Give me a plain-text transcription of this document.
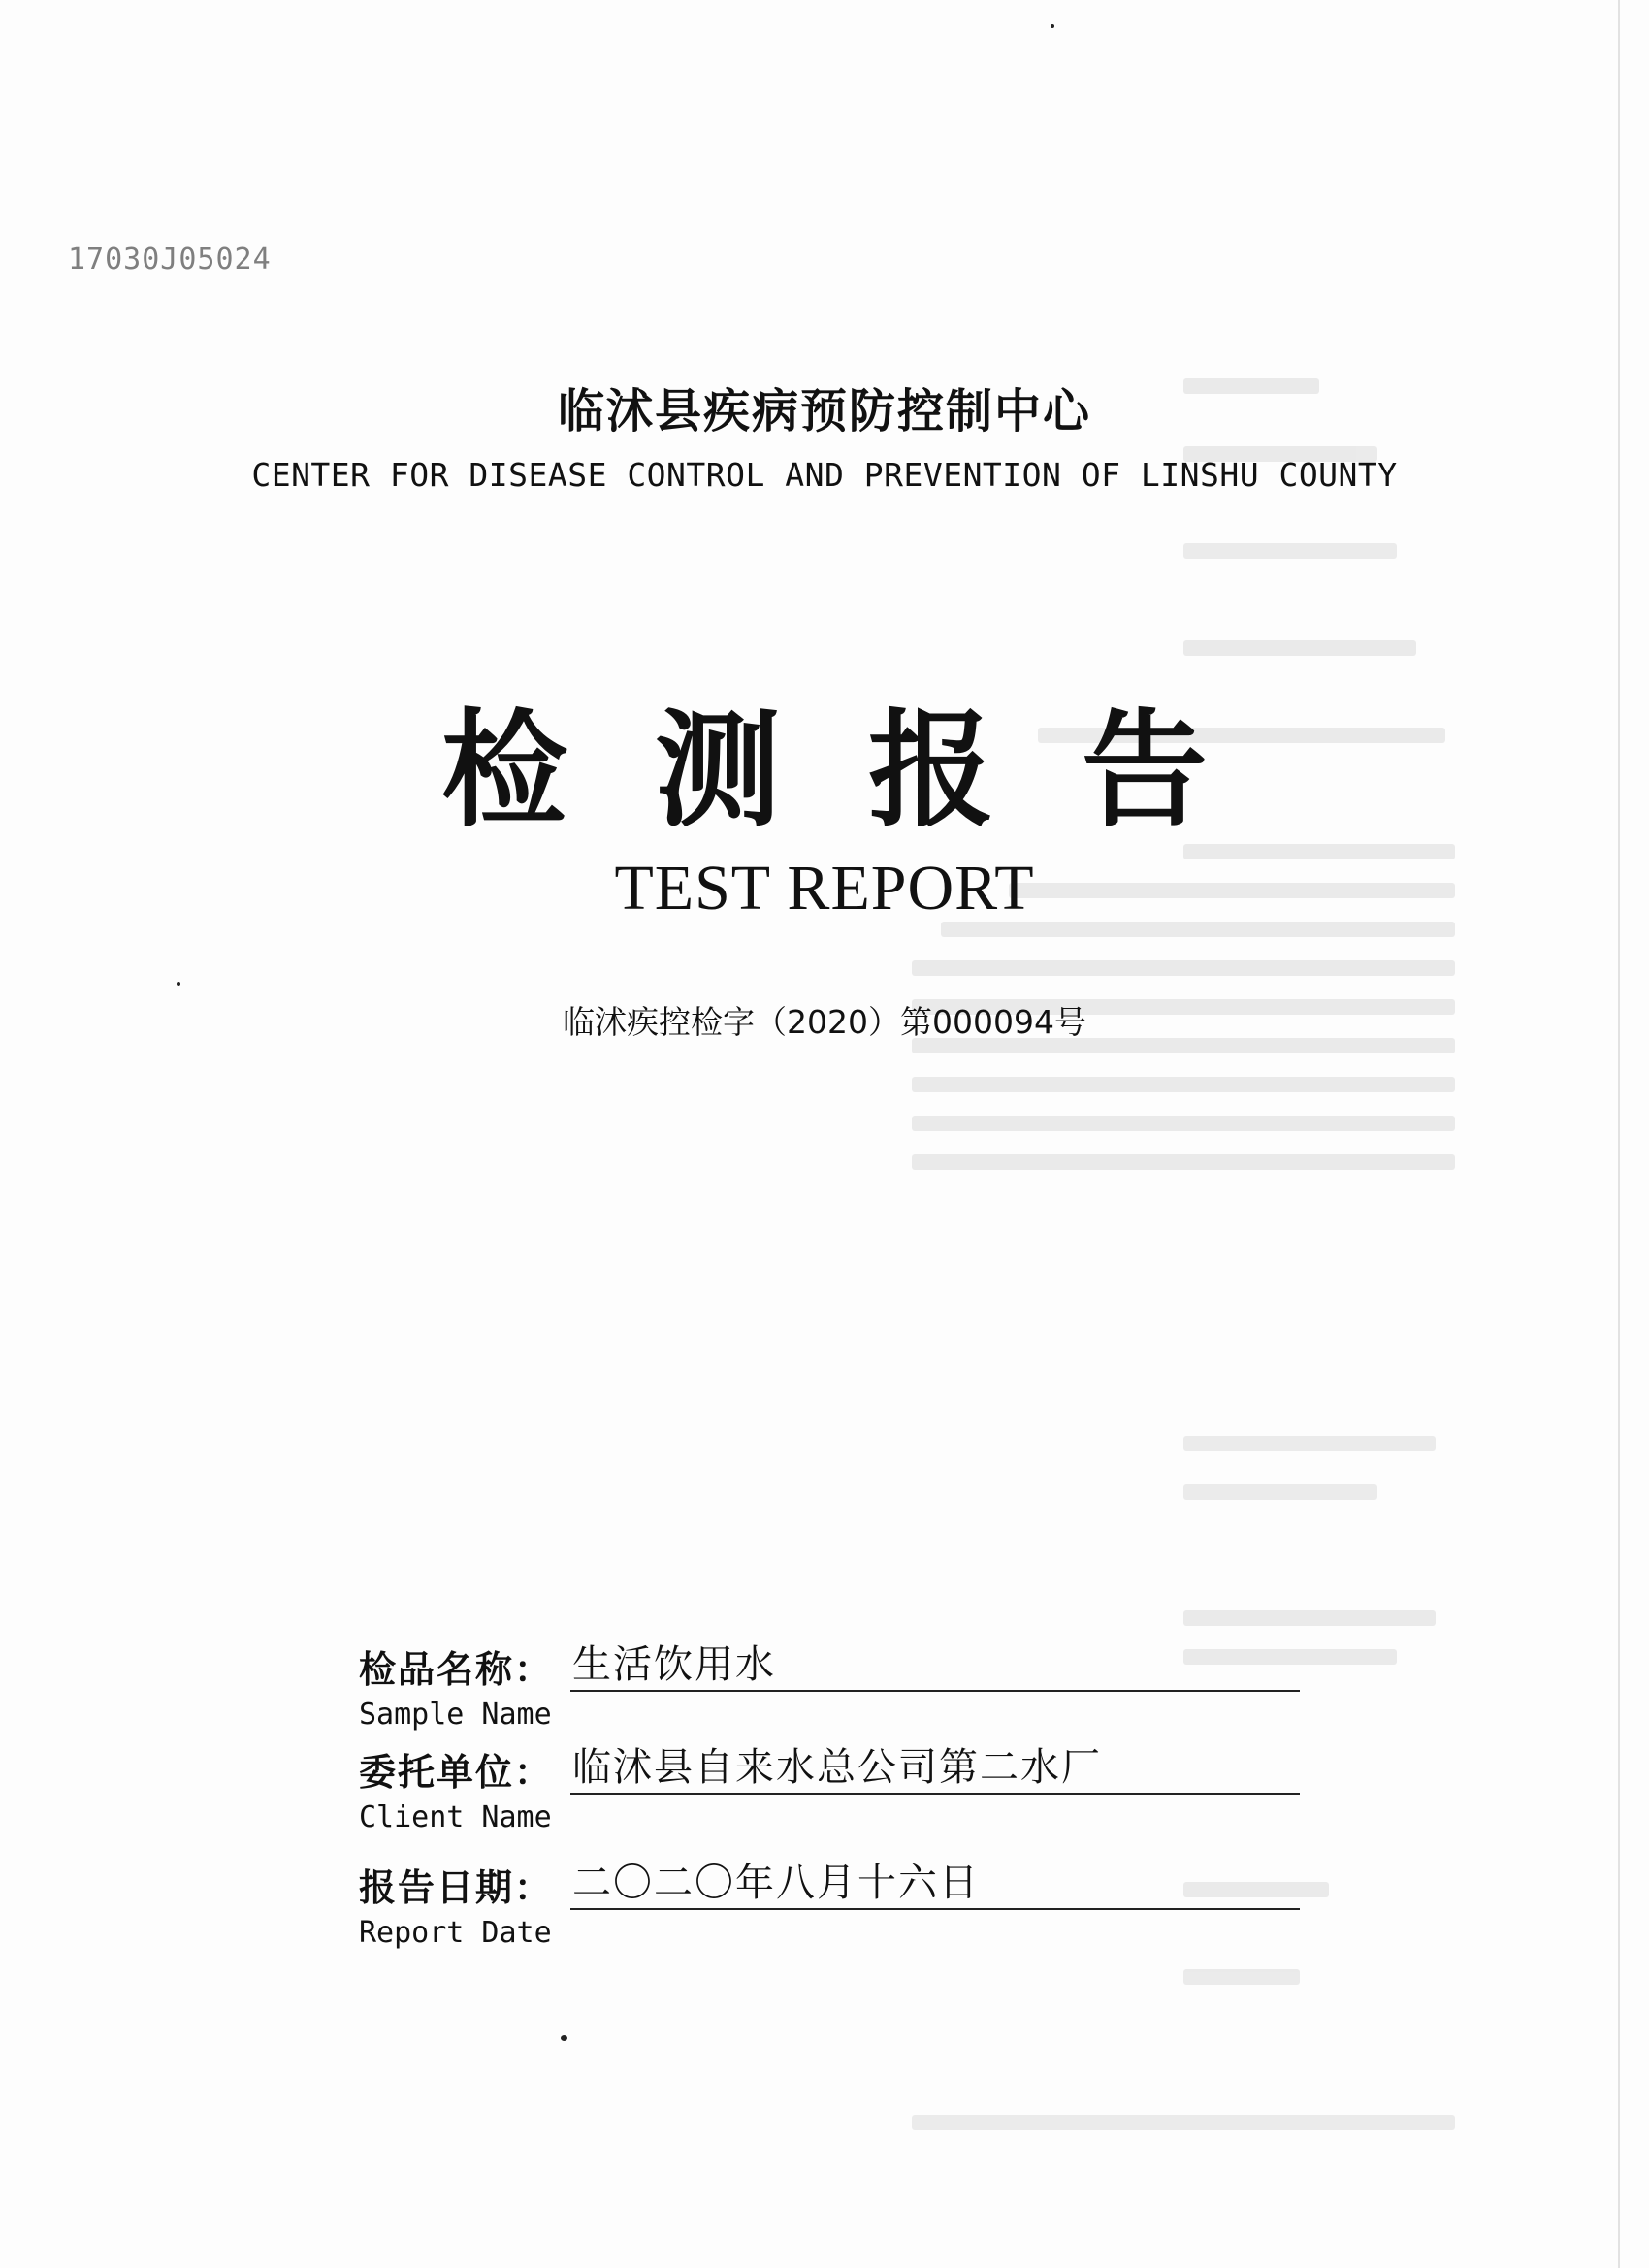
17030J05024
临沭县疾病预防控制中心
CENTER FOR DISEASE CONTROL AND PREVENTION OF LINSHU COUNTY
检测报告
TEST REPORT
临沭疾控检字（2020）第000094号
检品名称： 生活饮用水
Sample Name
委托单位： 临沭县自来水总公司第二水厂
Client Name
报告日期： 二〇二〇年八月十六日
Report Date
